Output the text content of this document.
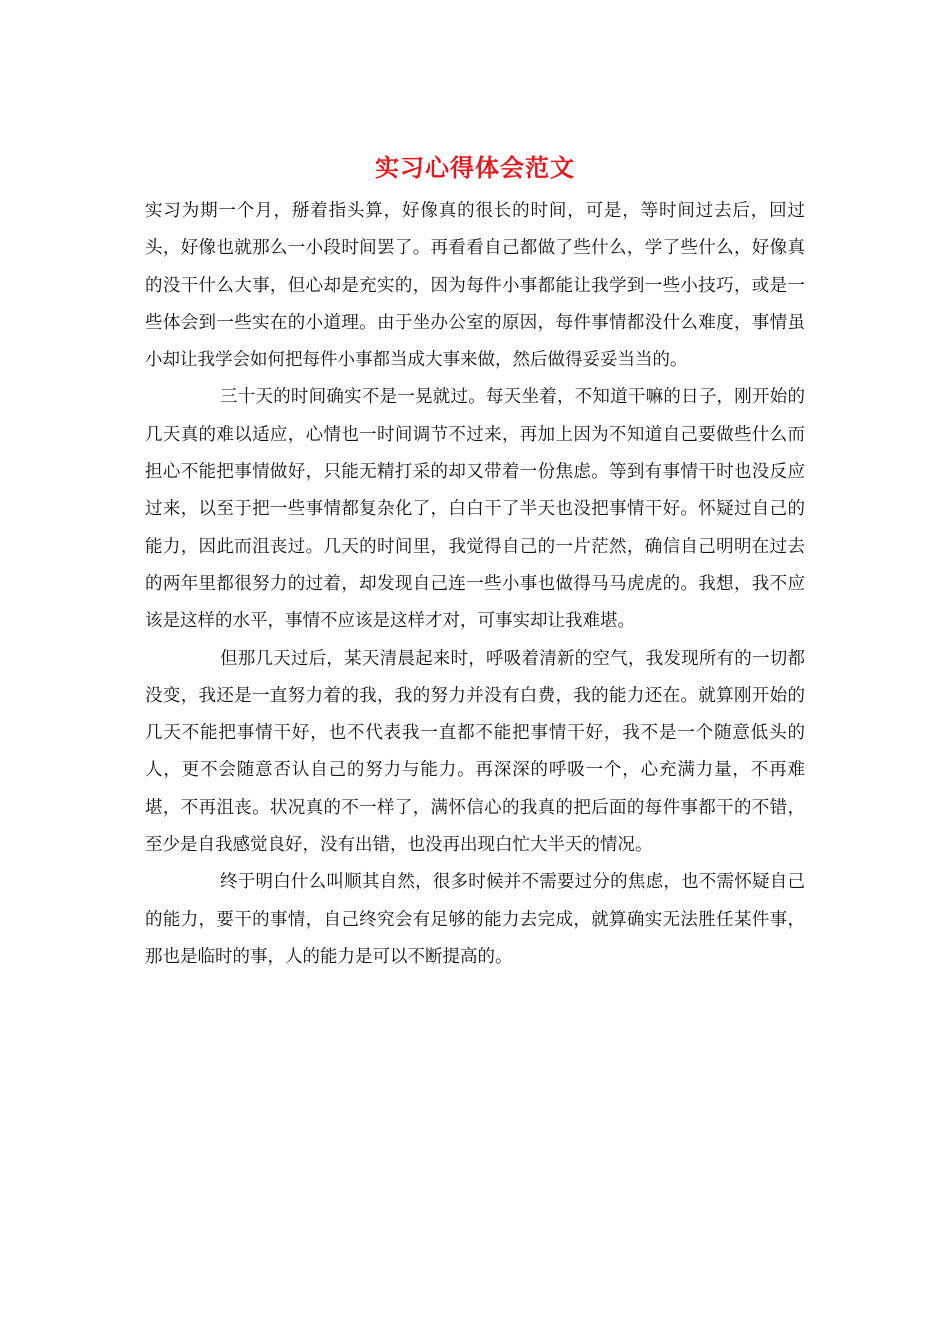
实习心得体会范文

实习为期一个月，掰着指头算，好像真的很长的时间，可是，等时间过去后，回过头，好像也就那么一小段时间罢了。再看看自己都做了些什么，学了些什么，好像真的没干什么大事，但心却是充实的，因为每件小事都能让我学到一些小技巧，或是一些体会到一些实在的小道理。由于坐办公室的原因，每件事情都没什么难度，事情虽小却让我学会如何把每件小事都当成大事来做，然后做得妥妥当当的。

三十天的时间确实不是一晃就过。每天坐着，不知道干嘛的日子，刚开始的几天真的难以适应，心情也一时间调节不过来，再加上因为不知道自己要做些什么而担心不能把事情做好，只能无精打采的却又带着一份焦虑。等到有事情干时也没反应过来，以至于把一些事情都复杂化了，白白干了半天也没把事情干好。怀疑过自己的能力，因此而沮丧过。几天的时间里，我觉得自己的一片茫然，确信自己明明在过去的两年里都很努力的过着，却发现自己连一些小事也做得马马虎虎的。我想，我不应该是这样的水平，事情不应该是这样才对，可事实却让我难堪。

但那几天过后，某天清晨起来时，呼吸着清新的空气，我发现所有的一切都没变，我还是一直努力着的我，我的努力并没有白费，我的能力还在。就算刚开始的几天不能把事情干好，也不代表我一直都不能把事情干好，我不是一个随意低头的人，更不会随意否认自己的努力与能力。再深深的呼吸一个，心充满力量，不再难堪，不再沮丧。状况真的不一样了，满怀信心的我真的把后面的每件事都干的不错，至少是自我感觉良好，没有出错，也没再出现白忙大半天的情况。

终于明白什么叫顺其自然，很多时候并不需要过分的焦虑，也不需怀疑自己的能力，要干的事情，自己终究会有足够的能力去完成，就算确实无法胜任某件事，那也是临时的事，人的能力是可以不断提高的。
